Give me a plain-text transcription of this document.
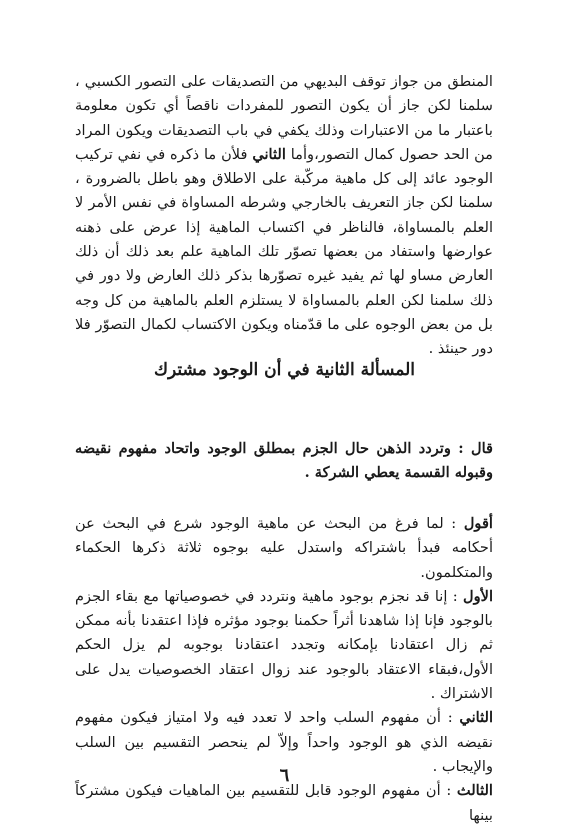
المنطق من جواز توقف البديهي من التصديقات على التصور الكسبي ، سلمنا لكن جاز أن يكون التصور للمفردات ناقصاً أي تكون معلومة باعتبار ما من الاعتبارات وذلك يكفي في باب التصديقات ويكون المراد من الحد حصول كمال التصور،وأما الثاني فلأن ما ذكره في نفي تركيب الوجود عائد إلى كل ماهية مركّبة على الاطلاق وهو باطل بالضرورة ، سلمنا لكن جاز التعريف بالخارجي وشرطه المساواة في نفس الأمر لا العلم بالمساواة، فالناظر في اكتساب الماهية إذا عرض على ذهنه عوارضها واستفاد من بعضها تصوّر تلك الماهية علم بعد ذلك أن ذلك العارض مساو لها ثم يفيد غيره تصوّرها بذكر ذلك العارض ولا دور في ذلك سلمنا لكن العلم بالمساواة لا يستلزم العلم بالماهية من كل وجه بل من بعض الوجوه على ما قدّمناه ويكون الاكتساب لكمال التصوّر فلا دور حينئذ .

المسألة الثانية في أن الوجود مشترك

قال : وتردد الذهن حال الجزم بمطلق الوجود واتحاد مفهوم نقيضه وقبوله القسمة يعطي الشركة .

أقول : لما فرغ من البحث عن ماهية الوجود شرع في البحث عن أحكامه فبدأ باشتراكه واستدل عليه بوجوه ثلاثة ذكرها الحكماء والمتكلمون.
الأول : إنا قد نجزم بوجود ماهية ونتردد في خصوصياتها مع بقاء الجزم بالوجود فإنا إذا شاهدنا أثراً حكمنا بوجود مؤثره فإذا اعتقدنا بأنه ممكن ثم زال اعتقادنا بإمكانه وتجدد اعتقادنا بوجوبه لم يزل الحكم الأول،فبقاء الاعتقاد بالوجود عند زوال اعتقاد الخصوصيات يدل على الاشتراك .
الثاني : أن مفهوم السلب واحد لا تعدد فيه ولا امتياز فيكون مفهوم نقيضه الذي هو الوجود واحداً وإلاّ لم ينحصر التقسيم بين السلب والإيجاب .
الثالث : أن مفهوم الوجود قابل للتقسيم بين الماهيات فيكون مشتركاً بينها

٦
